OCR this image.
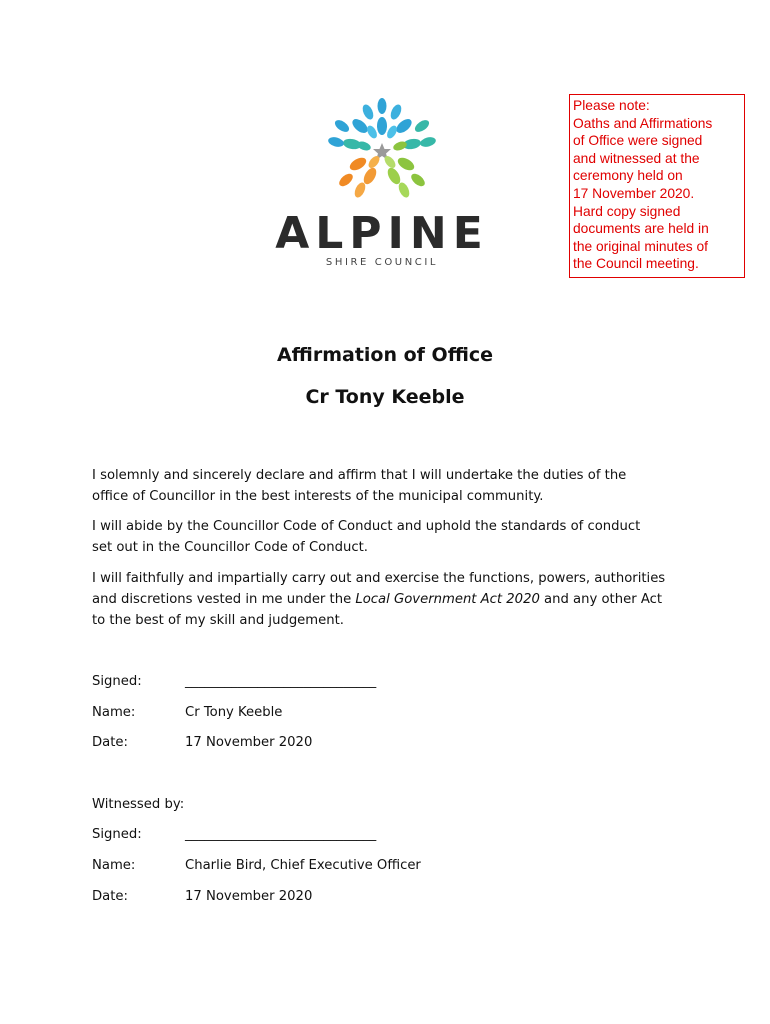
ALPINE
SHIRE COUNCIL
Please note:
Oaths and Affirmations
of Office were signed
and witnessed at the
ceremony held on
17 November 2020.
Hard copy signed
documents are held in
the original minutes of
the Council meeting.
Affirmation of Office
Cr Tony Keeble
I solemnly and sincerely declare and affirm that I will undertake the duties of the
office of Councillor in the best interests of the municipal community.
I will abide by the Councillor Code of Conduct and uphold the standards of conduct
set out in the Councillor Code of Conduct.
I will faithfully and impartially carry out and exercise the functions, powers, authorities
and discretions vested in me under the Local Government Act 2020 and any other Act
to the best of my skill and judgement.
Signed:	_____________________________
Name:	Cr Tony Keeble
Date:	17 November 2020
Witnessed by:
Signed:	_____________________________
Name:	Charlie Bird, Chief Executive Officer
Date:	17 November 2020
